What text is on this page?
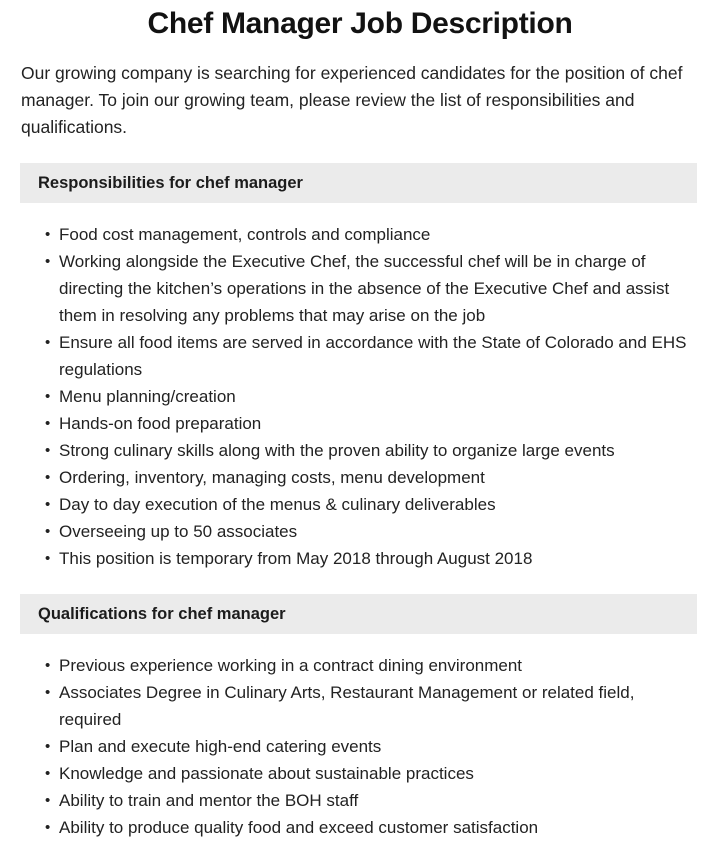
Chef Manager Job Description

Our growing company is searching for experienced candidates for the position of chef manager. To join our growing team, please review the list of responsibilities and qualifications.

Responsibilities for chef manager
• Food cost management, controls and compliance
• Working alongside the Executive Chef, the successful chef will be in charge of directing the kitchen’s operations in the absence of the Executive Chef and assist them in resolving any problems that may arise on the job
• Ensure all food items are served in accordance with the State of Colorado and EHS regulations
• Menu planning/creation
• Hands-on food preparation
• Strong culinary skills along with the proven ability to organize large events
• Ordering, inventory, managing costs, menu development
• Day to day execution of the menus & culinary deliverables
• Overseeing up to 50 associates
• This position is temporary from May 2018 through August 2018
Qualifications for chef manager
• Previous experience working in a contract dining environment
• Associates Degree in Culinary Arts, Restaurant Management or related field, required
• Plan and execute high-end catering events
• Knowledge and passionate about sustainable practices
• Ability to train and mentor the BOH staff
• Ability to produce quality food and exceed customer satisfaction
